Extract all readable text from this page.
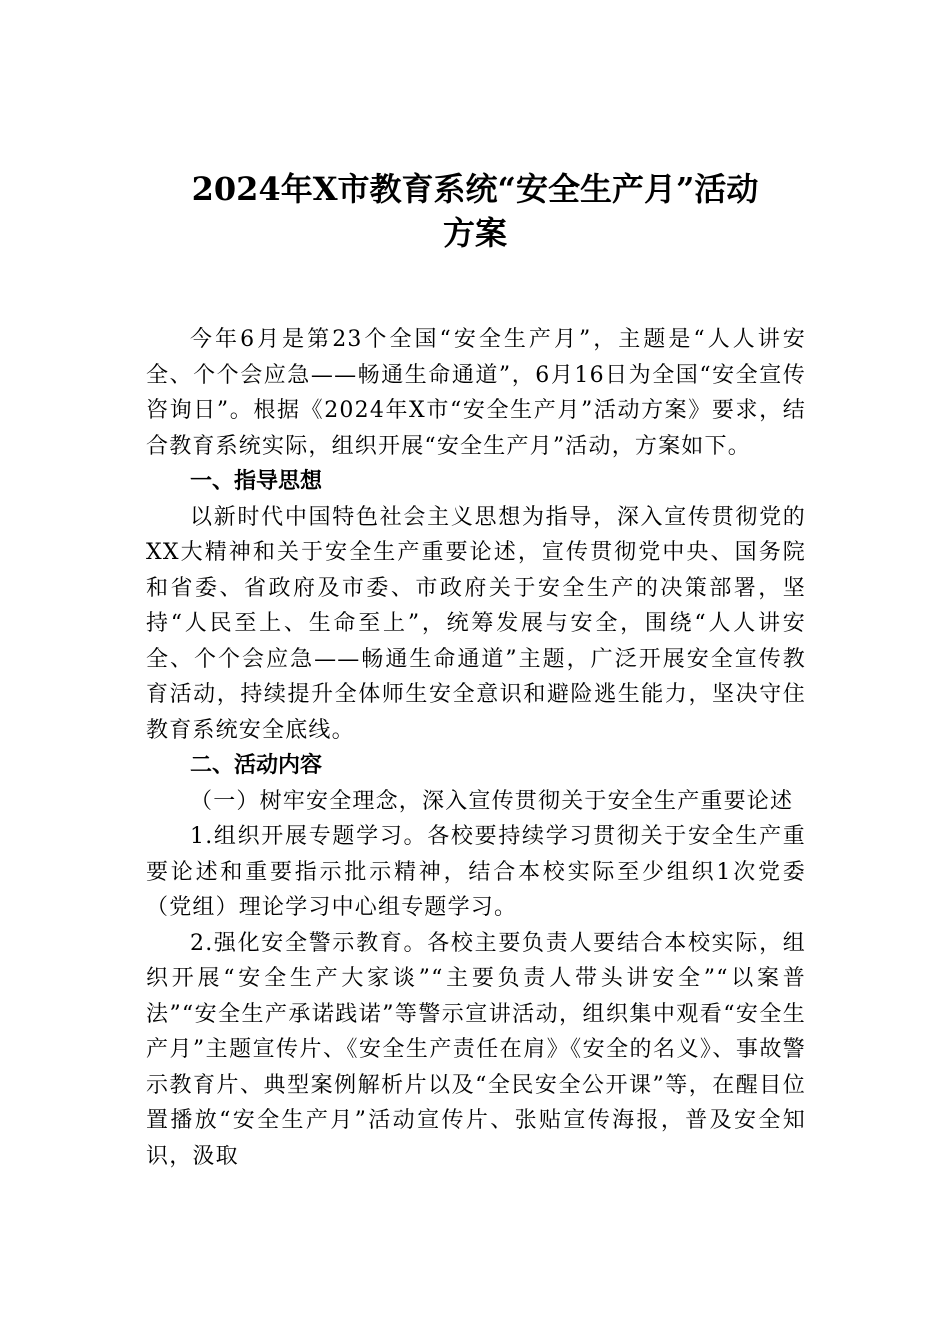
2024年X市教育系统“安全生产月”活动
方案

今年6月是第23个全国“安全生产月”，主题是“人人讲安全、个个会应急——畅通生命通道”，6月16日为全国“安全宣传咨询日”。根据《2024年X市“安全生产月”活动方案》要求，结合教育系统实际，组织开展“安全生产月”活动，方案如下。

一、指导思想

以新时代中国特色社会主义思想为指导，深入宣传贯彻党的XX大精神和关于安全生产重要论述，宣传贯彻党中央、国务院和省委、省政府及市委、市政府关于安全生产的决策部署，坚持“人民至上、生命至上”，统筹发展与安全，围绕“人人讲安全、个个会应急——畅通生命通道”主题，广泛开展安全宣传教育活动，持续提升全体师生安全意识和避险逃生能力，坚决守住教育系统安全底线。

二、活动内容

（一）树牢安全理念，深入宣传贯彻关于安全生产重要论述

1.组织开展专题学习。各校要持续学习贯彻关于安全生产重要论述和重要指示批示精神，结合本校实际至少组织1次党委（党组）理论学习中心组专题学习。

2.强化安全警示教育。各校主要负责人要结合本校实际，组织开展“安全生产大家谈”“主要负责人带头讲安全”“以案普法”“安全生产承诺践诺”等警示宣讲活动，组织集中观看“安全生产月”主题宣传片、《安全生产责任在肩》《安全的名义》、事故警示教育片、典型案例解析片以及“全民安全公开课”等，在醒目位置播放“安全生产月”活动宣传片、张贴宣传海报，普及安全知识，汲取
